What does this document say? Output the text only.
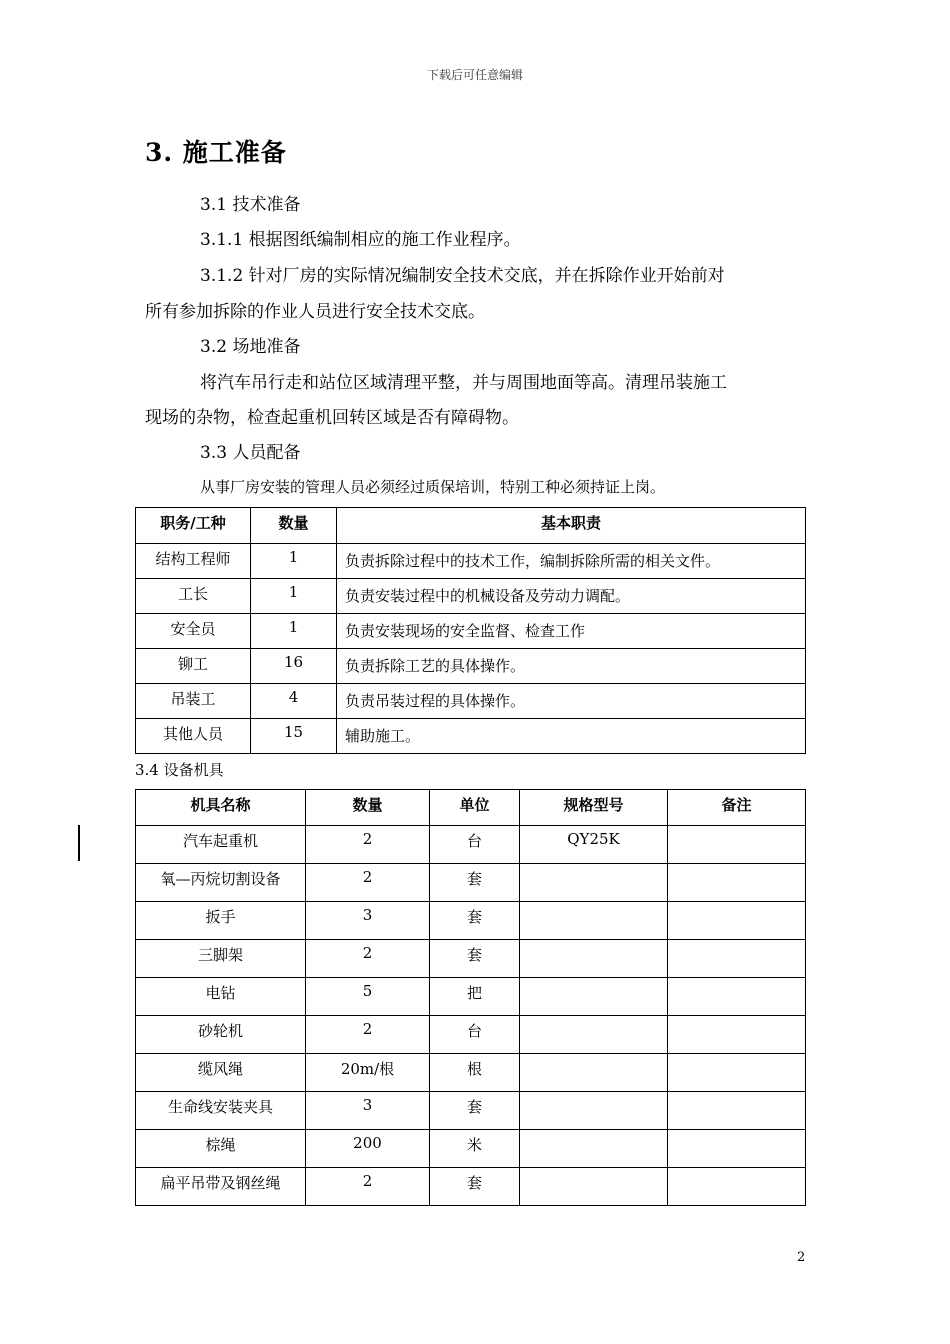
下载后可任意编辑
3. 施工准备
3.1 技术准备
3.1.1 根据图纸编制相应的施工作业程序。
3.1.2 针对厂房的实际情况编制安全技术交底，并在拆除作业开始前对
所有参加拆除的作业人员进行安全技术交底。
3.2 场地准备
将汽车吊行走和站位区域清理平整，并与周围地面等高。清理吊装施工
现场的杂物，检查起重机回转区域是否有障碍物。
3.3 人员配备
从事厂房安装的管理人员必须经过质保培训，特别工种必须持证上岗。
职务/工种	数量	基本职责
结构工程师	1	负责拆除过程中的技术工作，编制拆除所需的相关文件。
工长	1	负责安装过程中的机械设备及劳动力调配。
安全员	1	负责安装现场的安全监督、检查工作
铆工	16	负责拆除工艺的具体操作。
吊装工	4	负责吊装过程的具体操作。
其他人员	15	辅助施工。
3.4 设备机具
机具名称	数量	单位	规格型号	备注
汽车起重机	2	台	QY25K	
氧—丙烷切割设备	2	套		
扳手	3	套		
三脚架	2	套		
电钻	5	把		
砂轮机	2	台		
缆风绳	20m/根	根		
生命线安装夹具	3	套		
棕绳	200	米		
扁平吊带及钢丝绳	2	套		
2
